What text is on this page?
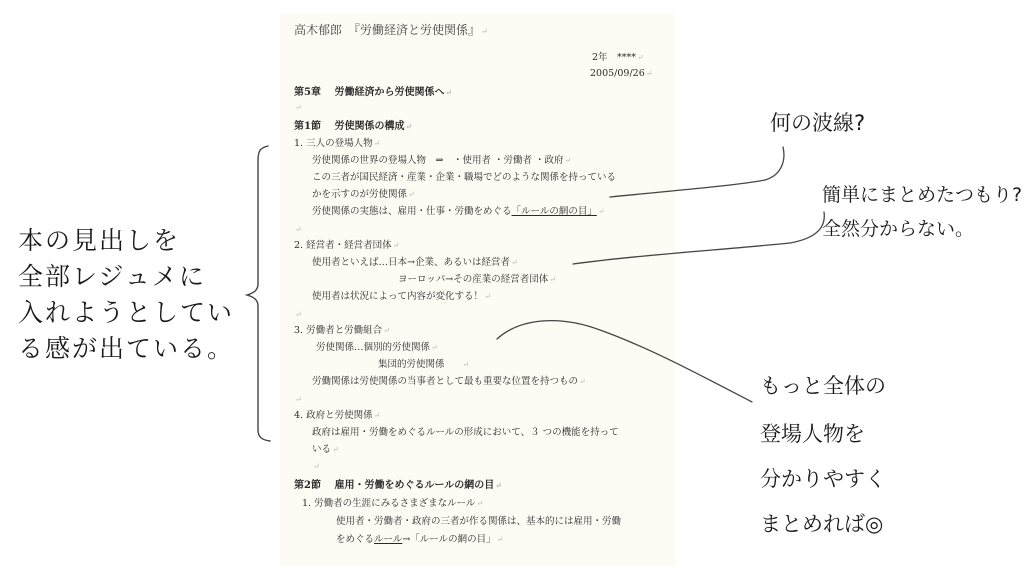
高木郁郎　『労働経済と労使関係』↵
2年　****↵
2005/09/26↵
第5章　 労働経済から労使関係へ↵
↵
第1節　 労使関係の構成↵
1. 三人の登場人物↵
労使関係の世界の登場人物　⇒　・使用者 ・労働者 ・政府↵
この三者が国民経済・産業・企業・職場でどのような関係を持っている
かを示すのが労使関係↵
労使関係の実態は、雇用・仕事・労働をめぐる「ルールの網の目」↵
↵
2. 経営者・経営者団体↵
使用者といえば…日本→企業、あるいは経営者↵
ヨーロッパ→その産業の経営者団体↵
使用者は状況によって内容が変化する！↵
↵
3. 労働者と労働組合↵
労使関係…個別的労使関係↵
集団的労使関係 ↵
労働関係は労使関係の当事者として最も重要な位置を持つもの↵
↵
4. 政府と労使関係↵
政府は雇用・労働をめぐるルールの形成において、３ つの機能を持って
いる↵
↵
第2節　 雇用・労働をめぐるルールの網の目↵
1. 労働者の生涯にみるさまざまなルール↵
使用者・労働者・政府の三者が作る関係は、基本的には雇用・労働
をめぐるルール→「ルールの網の目」↵
本の見出しを
全部レジュメに
入れようとしてい
る感が出ている。
何の波線?
簡単にまとめたつもり?
全然分からない。
もっと全体の
登場人物を
分かりやすく
まとめれば◎
